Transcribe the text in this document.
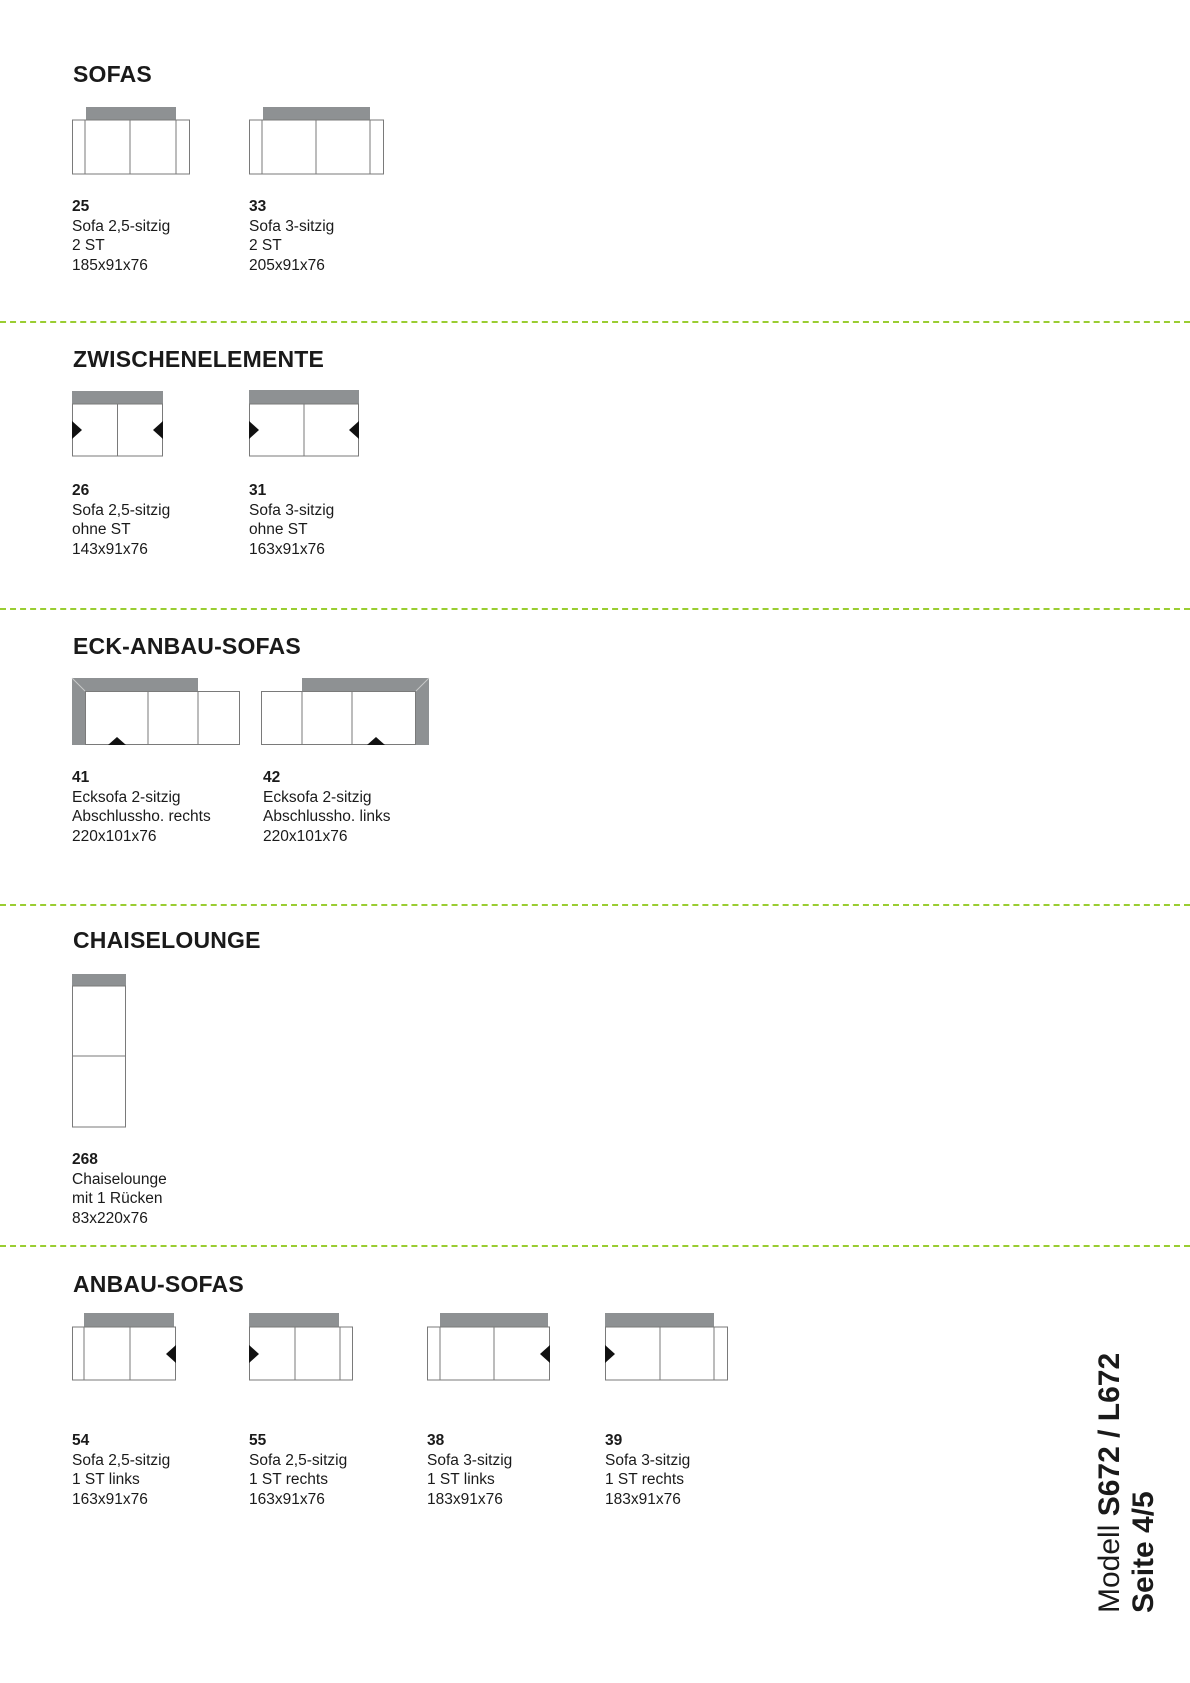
SOFAS
25
Sofa 2,5-sitzig
2 ST
185x91x76
33
Sofa 3-sitzig
2 ST
205x91x76
ZWISCHENELEMENTE
26
Sofa 2,5-sitzig
ohne ST
143x91x76
31
Sofa 3-sitzig
ohne ST
163x91x76
ECK-ANBAU-SOFAS
41
Ecksofa 2-sitzig
Abschlussho. rechts
220x101x76
42
Ecksofa 2-sitzig
Abschlussho. links
220x101x76
CHAISELOUNGE
268
Chaiselounge
mit 1 Rücken
83x220x76
ANBAU-SOFAS
54
Sofa 2,5-sitzig
1 ST links
163x91x76
55
Sofa 2,5-sitzig
1 ST rechts
163x91x76
38
Sofa 3-sitzig
1 ST links
183x91x76
39
Sofa 3-sitzig
1 ST rechts
183x91x76
Modell S672 / L672
Seite 4/5
